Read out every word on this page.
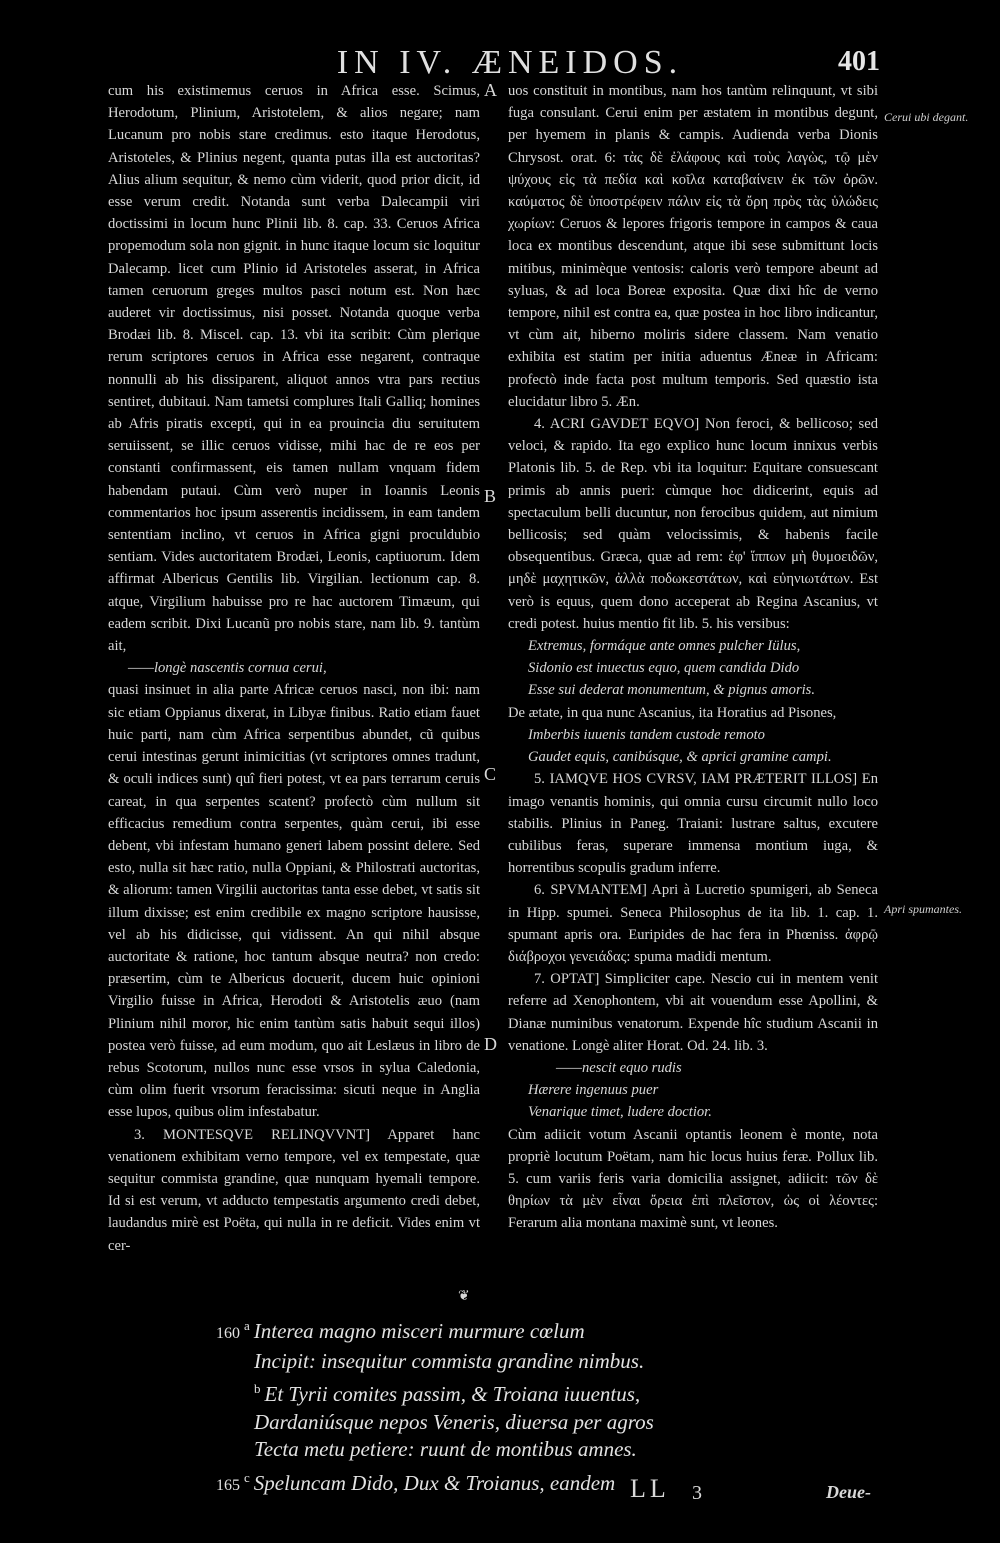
IN IV. ÆNEIDOS.	401

cum his existimemus ceruos in Africa esse. Scimus, Herodotum, Plinium, Aristotelem, & alios negare; nam Lucanum pro nobis stare credimus. esto itaque Herodotus, Aristoteles, & Plinius negent, quanta putas illa est auctoritas? Alius alium sequitur, & nemo cùm viderit, quod prior dicit, id esse verum credit. Notanda sunt verba Dalecampii viri doctissimi in locum hunc Plinii lib. 8. cap. 33. Ceruos Africa propemodum sola non gignit. in hunc itaque locum sic loquitur Dalecamp. licet cum Plinio id Aristoteles asserat, in Africa tamen ceruorum greges multos pasci notum est. Non hæc auderet vir doctissimus, nisi posset. Notanda quoque verba Brodæi lib. 8. Miscel. cap. 13. vbi ita scribit: Cùm plerique rerum scriptores ceruos in Africa esse negarent, contraque nonnulli ab his dissiparent, aliquot annos vtra pars rectius sentiret, dubitaui. Nam tametsi complures Itali Galliq; homines ab Afris piratis excepti, qui in ea prouincia diu seruitutem seruiissent, se illic ceruos vidisse, mihi hac de re eos per constanti confirmassent, eis tamen nullam vnquam fidem habendam putaui. Cùm verò nuper in Ioannis Leonis commentarios hoc ipsum asserentis incidissem, in eam tandem sententiam inclino, vt ceruos in Africa gigni proculdubio sentiam. Vides auctoritatem Brodæi, Leonis, captiuorum. Idem affirmat Albericus Gentilis lib. Virgilian. lectionum cap. 8. atque, Virgilium habuisse pro re hac auctorem Timæum, qui eadem scribit. Dixi Lucanũ pro nobis stare, nam lib. 9. tantùm ait,

——longè nascentis cornua cerui,

quasi insinuet in alia parte Africæ ceruos nasci, non ibi: nam sic etiam Oppianus dixerat, in Libyæ finibus. Ratio etiam fauet huic parti, nam cùm Africa serpentibus abundet, cũ quibus cerui intestinas gerunt inimicitias (vt scriptores omnes tradunt, & oculi indices sunt) quî fieri potest, vt ea pars terrarum ceruis careat, in qua serpentes scatent? profectò cùm nullum sit efficacius remedium contra serpentes, quàm cerui, ibi esse debent, vbi infestam humano generi labem possint delere. Sed esto, nulla sit hæc ratio, nulla Oppiani, & Philostrati auctoritas, & aliorum: tamen Virgilii auctoritas tanta esse debet, vt satis sit illum dixisse; est enim credibile ex magno scriptore hausisse, vel ab his didicisse, qui vidissent. An qui nihil absque auctoritate & ratione, hoc tantum absque neutra? non credo: præsertim, cùm te Albericus docuerit, ducem huic opinioni Virgilio fuisse in Africa, Herodoti & Aristotelis æuo (nam Plinium nihil moror, hic enim tantùm satis habuit sequi illos) postea verò fuisse, ad eum modum, quo ait Leslæus in libro de rebus Scotorum, nullos nunc esse vrsos in sylua Caledonia, cùm olim fuerit vrsorum feracissima: sicuti neque in Anglia esse lupos, quibus olim infestabatur.

3. MONTESQVE RELINQVVNT] Apparet hanc venationem exhibitam verno tempore, vel ex tempestate, quæ sequitur commista grandine, quæ nunquam hyemali tempore. Id si est verum, vt adducto tempestatis argumento credi debet, laudandus mirè est Poëta, qui nulla in re deficit. Vides enim vt cer-

A
B
C
D

uos constituit in montibus, nam hos tantùm relinquunt, vt sibi fuga consulant. Cerui enim per æstatem in montibus degunt, per hyemem in planis & campis. Audienda verba Dionis Chrysost. orat. 6: τὰς δὲ ἐλάφους καὶ τοὺς λαγὼς, τῷ μὲν ψύχους εἰς τὰ πεδία καὶ κοῖλα καταβαίνειν ἐκ τῶν ὀρῶν. καύματος δὲ ὑποστρέφειν πάλιν εἰς τὰ ὄρη πρὸς τὰς ὑλώδεις χωρίων: Ceruos & lepores frigoris tempore in campos & caua loca ex montibus descendunt, atque ibi sese submittunt locis mitibus, minimèque ventosis: caloris verò tempore abeunt ad syluas, & ad loca Boreæ exposita. Quæ dixi hîc de verno tempore, nihil est contra ea, quæ postea in hoc libro indicantur, vt cùm ait, hiberno moliris sidere classem. Nam venatio exhibita est statim per initia aduentus Æneæ in Africam: profectò inde facta post multum temporis. Sed quæstio ista elucidatur libro 5. Æn.

4. ACRI GAVDET EQVO] Non feroci, & bellicoso; sed veloci, & rapido. Ita ego explico hunc locum innixus verbis Platonis lib. 5. de Rep. vbi ita loquitur: Equitare consuescant primis ab annis pueri: cùmque hoc didicerint, equis ad spectaculum belli ducuntur, non ferocibus quidem, aut nimium bellicosis; sed quàm velocissimis, & habenis facile obsequentibus. Græca, quæ ad rem: ἐφ' ἵππων μὴ θυμοειδῶν, μηδὲ μαχητικῶν, ἀλλὰ ποδωκεστάτων, καὶ εὐηνιωτάτων. Est verò is equus, quem dono acceperat ab Regina Ascanius, vt credi potest. huius mentio fit lib. 5. his versibus:

Extremus, formáque ante omnes pulcher Iülus,

Sidonio est inuectus equo, quem candida Dido

Esse sui dederat monumentum, & pignus amoris.

De ætate, in qua nunc Ascanius, ita Horatius ad Pisones,

Imberbis iuuenis tandem custode remoto

Gaudet equis, canibúsque, & aprici gramine campi.

5. IAMQVE HOS CVRSV, IAM PRÆTERIT ILLOS] En imago venantis hominis, qui omnia cursu circumit nullo loco stabilis. Plinius in Paneg. Traiani: lustrare saltus, excutere cubilibus feras, superare immensa montium iuga, & horrentibus scopulis gradum inferre.

6. SPVMANTEM] Apri à Lucretio spumigeri, ab Seneca in Hipp. spumei. Seneca Philosophus de ita lib. 1. cap. 1. spumant apris ora. Euripides de hac fera in Phœniss. ἀφρῷ διάβροχοι γενειάδας: spuma madidi mentum.

7. OPTAT] Simpliciter cape. Nescio cui in mentem venit referre ad Xenophontem, vbi ait vouendum esse Apollini, & Dianæ numinibus venatorum. Expende hîc studium Ascanii in venatione. Longè aliter Horat. Od. 24. lib. 3.

——nescit equo rudis

Hærere ingenuus puer

Venarique timet, ludere doctior.

Cùm adiicit votum Ascanii optantis leonem è monte, nota propriè locutum Poëtam, nam hic locus huius feræ. Pollux lib. 5. cum variis feris varia domicilia assignet, adiicit: τῶν δὲ θηρίων τὰ μὲν εἶναι ὄρεια ἐπὶ πλεῖστον, ὡς οἱ λέοντες: Ferarum alia montana maximè sunt, vt leones.

Cerui ubi degant.
Apri spumantes.
❦
160 $^a$ Interea magno misceri murmure cœlum
Incipit: insequitur commista grandine nimbus.
$^b$ Et Tyrii comites passim, & Troiana iuuentus,
Dardaniúsque nepos Veneris, diuersa per agros
Tecta metu petiere: ruunt de montibus amnes.
165 $^c$ Speluncam Dido, Dux & Troianus, eandem LL 3	Deue-
